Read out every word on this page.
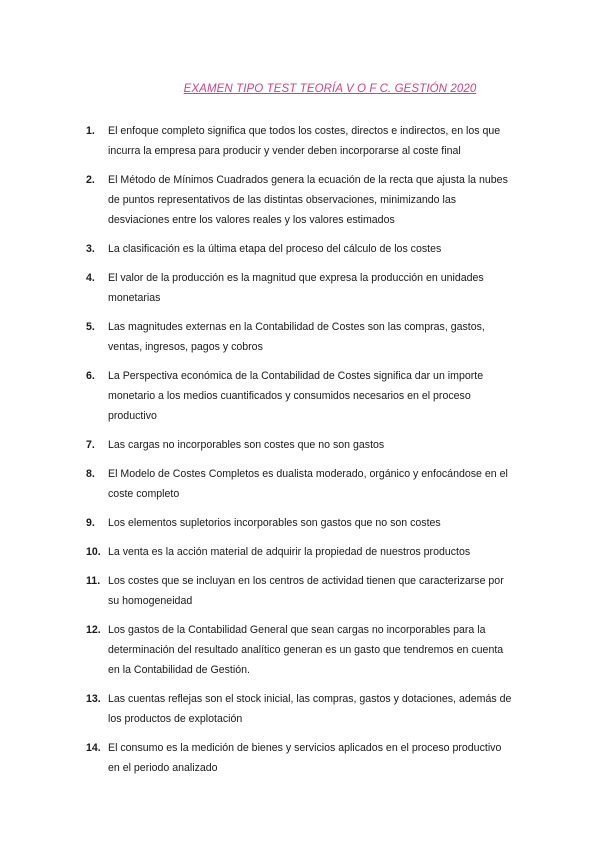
EXAMEN TIPO TEST TEORÍA V O F C. GESTIÓN 2020
1. El enfoque completo significa que todos los costes, directos e indirectos, en los que incurra la empresa para producir y vender deben incorporarse al coste final
2. El Método de Mínimos Cuadrados genera la ecuación de la recta que ajusta la nubes de puntos representativos de las distintas observaciones, minimizando las desviaciones entre los valores reales y los valores estimados
3. La clasificación es la última etapa del proceso del cálculo de los costes
4. El valor de la producción es la magnitud que expresa la producción en unidades monetarias
5. Las magnitudes externas en la Contabilidad de Costes son las compras, gastos, ventas, ingresos, pagos y cobros
6. La Perspectiva económica de la Contabilidad de Costes significa dar un importe monetario a los medios cuantificados y consumidos necesarios en el proceso productivo
7. Las cargas no incorporables son costes que no son gastos
8. El Modelo de Costes Completos es dualista moderado, orgánico y enfocándose en el coste completo
9. Los elementos supletorios incorporables son gastos que no son costes
10. La venta es la acción material de adquirir la propiedad de nuestros productos
11. Los costes que se incluyan en los centros de actividad tienen que caracterizarse por su homogeneidad
12. Los gastos de la Contabilidad General que sean cargas no incorporables para la determinación del resultado analítico generan es un gasto que tendremos en cuenta en la Contabilidad de Gestión.
13. Las cuentas reflejas son el stock inicial, las compras, gastos y dotaciones, además de los productos de explotación
14. El consumo es la medición de bienes y servicios aplicados en el proceso productivo en el periodo analizado
